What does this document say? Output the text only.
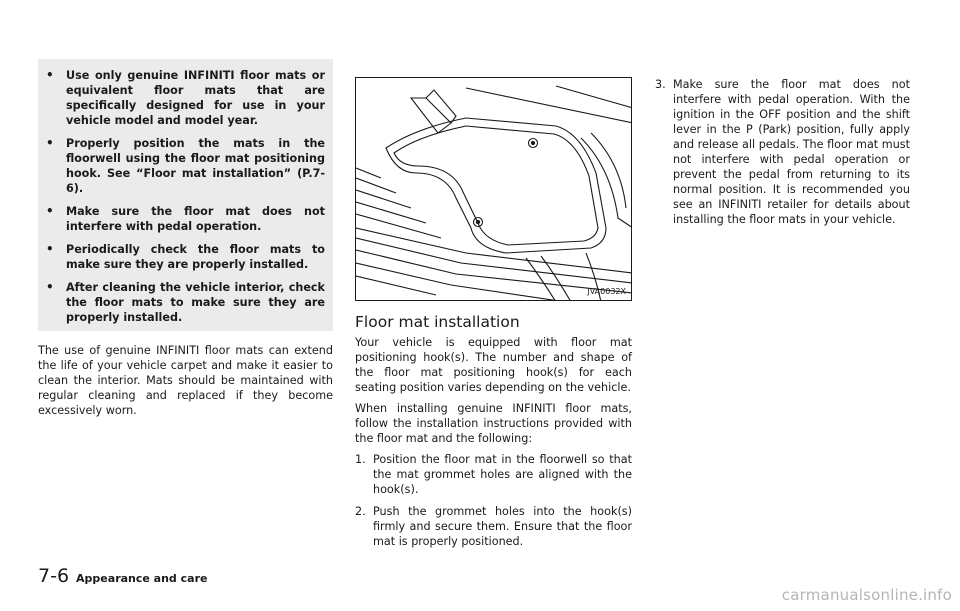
• Use only genuine INFINITI floor mats or equivalent floor mats that are specifically designed for use in your vehicle model and model year.
• Properly position the mats in the floorwell using the floor mat positioning hook. See “Floor mat installation” (P.7-6).
• Make sure the floor mat does not interfere with pedal operation.
• Periodically check the floor mats to make sure they are properly installed.
• After cleaning the vehicle interior, check the floor mats to make sure they are properly installed.

The use of genuine INFINITI floor mats can extend the life of your vehicle carpet and make it easier to clean the interior. Mats should be maintained with regular cleaning and replaced if they become excessively worn.

JVA0032X
Floor mat installation

Your vehicle is equipped with floor mat positioning hook(s). The number and shape of the floor mat positioning hook(s) for each seating position varies depending on the vehicle.

When installing genuine INFINITI floor mats, follow the installation instructions provided with the floor mat and the following:

1. Position the floor mat in the floorwell so that the mat grommet holes are aligned with the hook(s).
2. Push the grommet holes into the hook(s) firmly and secure them. Ensure that the floor mat is properly positioned.
3. Make sure the floor mat does not interfere with pedal operation. With the ignition in the OFF position and the shift lever in the P (Park) position, fully apply and release all pedals. The floor mat must not interfere with pedal operation or prevent the pedal from returning to its normal position. It is recommended you see an INFINITI retailer for details about installing the floor mats in your vehicle.
7-6 Appearance and care
carmanualsonline.info
